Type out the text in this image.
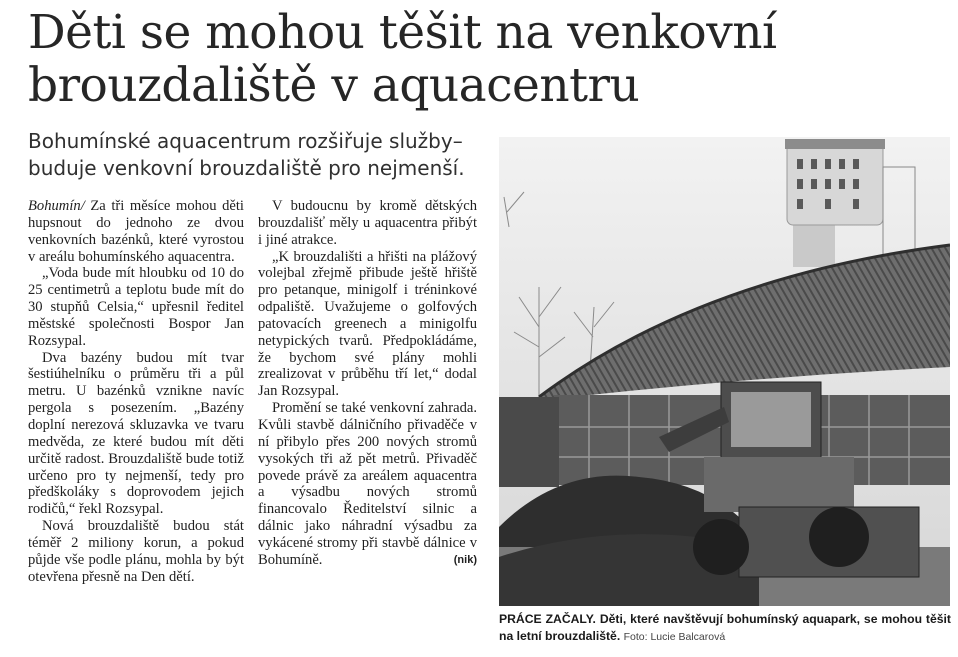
Děti se mohou těšit na venkovní brouzdaliště v aquacentru

Bohumínské aquacentrum rozšiřuje služby– buduje venkovní brouzdaliště pro nejmenší.

Bohumín/ Za tři měsíce mohou děti hupsnout do jednoho ze dvou venkovních bazénků, které vyrostou v areálu bohumínského aquacentra.

„Voda bude mít hloubku od 10 do 25 centimetrů a teplotu bude mít do 30 stupňů Celsia,“ upřesnil ředitel městské společnosti Bospor Jan Rozsypal.

Dva bazény budou mít tvar šestiúhelníku o průměru tři a půl metru. U bazénků vznikne navíc pergola s posezením. „Bazény doplní nerezová skluzavka ve tvaru medvěda, ze které budou mít děti určitě radost. Brouzdaliště bude totiž určeno pro ty nejmenší, tedy pro předškoláky s doprovodem jejich rodičů,“ řekl Rozsypal.

Nová brouzdaliště budou stát téměř 2 miliony korun, a pokud půjde vše podle plánu, mohla by být otevřena přesně na Den dětí.

V budoucnu by kromě dětských brouzdališť měly u aquacentra přibýt i jiné atrakce.

„K brouzdališti a hřišti na plážový volejbal zřejmě přibude ještě hřiště pro petanque, minigolf i tréninkové odpaliště. Uvažujeme o golfových patovacích greenech a minigolfu netypických tvarů. Předpokládáme, že bychom své plány mohli zrealizovat v průběhu tří let,“ dodal Jan Rozsypal.

Promění se také venkovní zahrada. Kvůli stavbě dálničního přivaděče v ní přibylo přes 200 nových stromů vysokých tři až pět metrů. Přivaděč povede právě za areálem aquacentra a výsadbu nových stromů financovalo Ředitelství silnic a dálnic jako náhradní výsadbu za vykácené stromy při stavbě dálnice v Bohumíně.	(nik)

PRÁCE ZAČALY. Děti, které navštěvují bohumínský aquapark, se mohou těšit na letní brouzdaliště. Foto: Lucie Balcarová
